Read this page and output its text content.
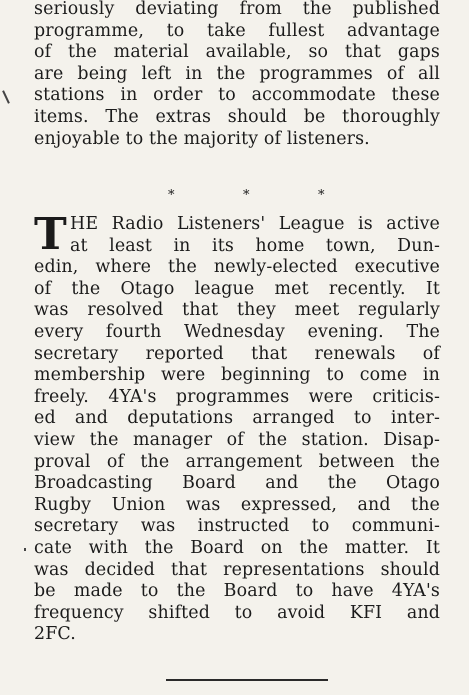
seriously deviating from the published
programme, to take fullest advantage
of the material available, so that gaps
are being left in the programmes of all
stations in order to accommodate these
items. The extras should be thoroughly
enjoyable to the majority of listeners.
*	*	*
T HE Radio Listeners' League is active
at least in its home town, Dun-
edin, where the newly-elected executive
of the Otago league met recently. It
was resolved that they meet regularly
every fourth Wednesday evening. The
secretary reported that renewals of
membership were beginning to come in
freely. 4YA's programmes were criticis-
ed and deputations arranged to inter-
view the manager of the station. Disap-
proval of the arrangement between the
Broadcasting Board and the Otago
Rugby Union was expressed, and the
secretary was instructed to communi-
cate with the Board on the matter. It
was decided that representations should
be made to the Board to have 4YA's
frequency shifted to avoid KFI and
2FC.
